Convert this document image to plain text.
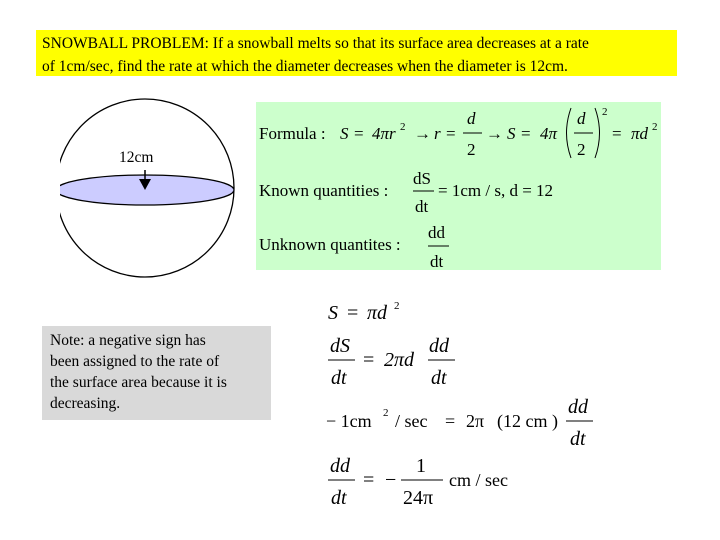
SNOWBALL PROBLEM: If a snowball melts so that its surface area decreases at a rate
of 1cm/sec, find the rate at which the diameter decreases when the diameter is 12cm.
12cm
Note: a negative sign has
been assigned to the rate of
the surface area because it is
decreasing.
Formula : S = 4πr 2 → r =
d
2
→ S = 4π
d
2
2
= πd 2
Known quantities :
dS
dt
= 1cm / s, d = 12
Unknown quantites :
dd
dt
S = πd 2
dS
dt
= 2πd
dd
dt
− 1cm 2 / sec = 2π (12 cm )
dd
dt
dd
dt
= −
1
24π
cm / sec
